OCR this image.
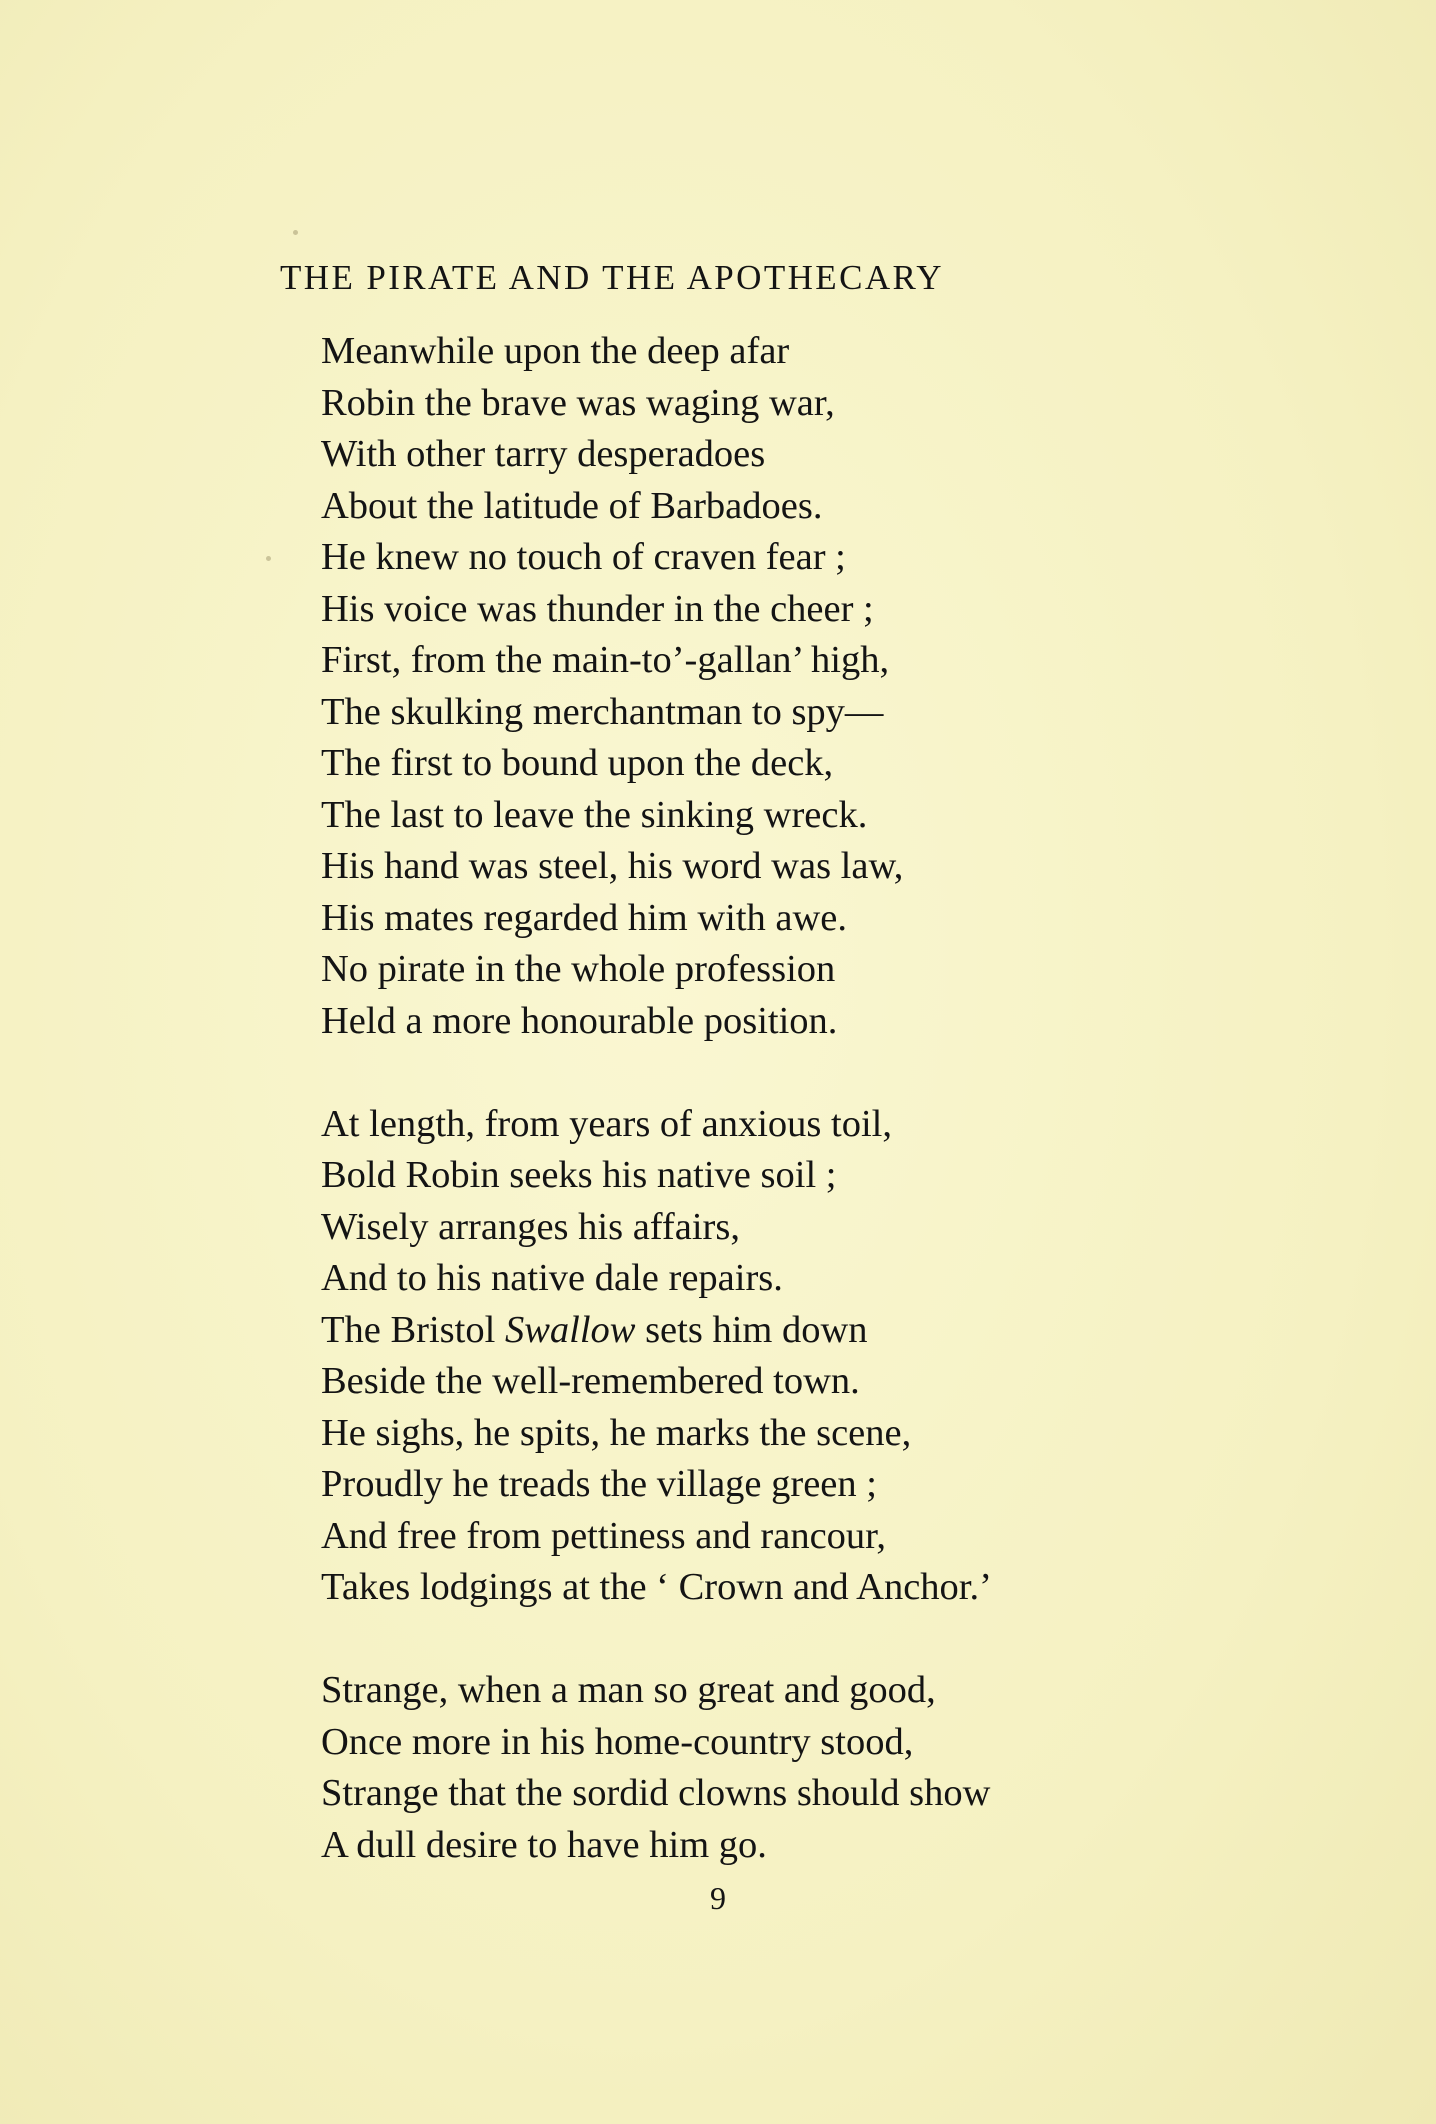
THE PIRATE AND THE APOTHECARY
Meanwhile upon the deep afar
Robin the brave was waging war,
With other tarry desperadoes
About the latitude of Barbadoes.
He knew no touch of craven fear ;
His voice was thunder in the cheer ;
First, from the main-to’-gallan’ high,
The skulking merchantman to spy—
The first to bound upon the deck,
The last to leave the sinking wreck.
His hand was steel, his word was law,
His mates regarded him with awe.
No pirate in the whole profession
Held a more honourable position.
At length, from years of anxious toil,
Bold Robin seeks his native soil ;
Wisely arranges his affairs,
And to his native dale repairs.
The Bristol Swallow sets him down
Beside the well-remembered town.
He sighs, he spits, he marks the scene,
Proudly he treads the village green ;
And free from pettiness and rancour,
Takes lodgings at the ‘ Crown and Anchor.’
Strange, when a man so great and good,
Once more in his home-country stood,
Strange that the sordid clowns should show
A dull desire to have him go.
9
